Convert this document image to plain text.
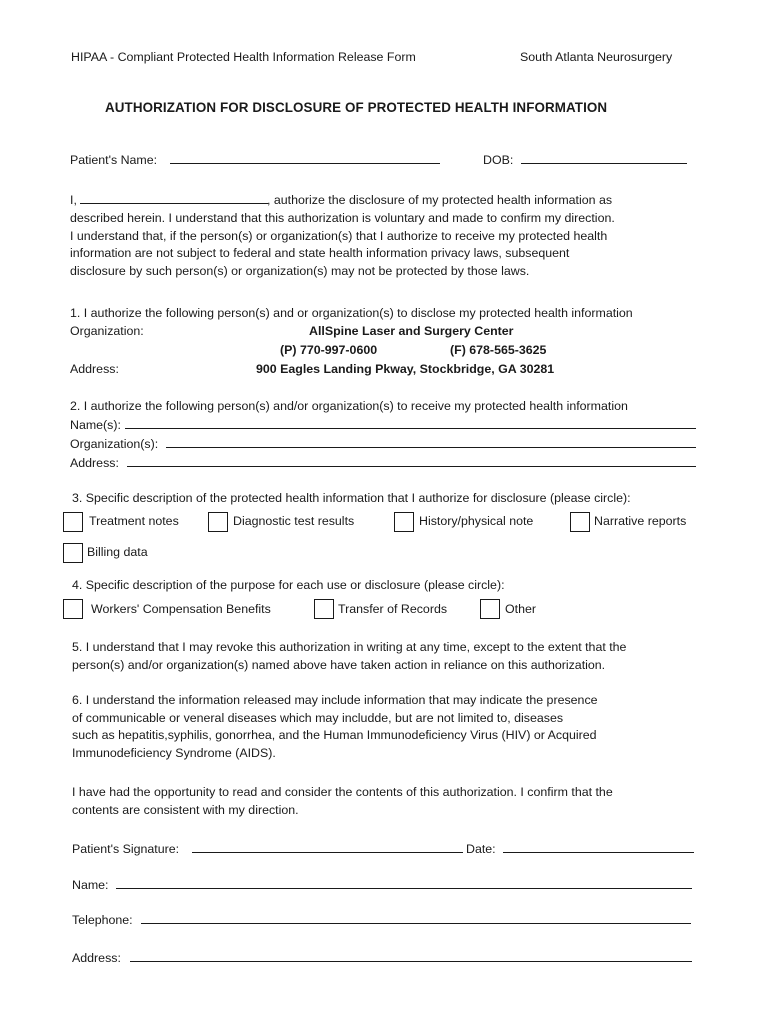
HIPAA - Compliant Protected Health Information Release Form	South Atlanta Neurosurgery
AUTHORIZATION FOR DISCLOSURE OF PROTECTED HEALTH INFORMATION
Patient's Name:	DOB:
I,	, authorize the disclosure of my protected health information as
described herein. I understand that this authorization is voluntary and made to confirm my direction.
I understand that, if the person(s) or organization(s) that I authorize to receive my protected health
information are not subject to federal and state health information privacy laws, subsequent
disclosure by such person(s) or organization(s) may not be protected by those laws.
1. I authorize the following person(s) and or organization(s) to disclose my protected health information
Organization:	AllSpine Laser and Surgery Center
(P) 770-997-0600	(F) 678-565-3625
Address:	900 Eagles Landing Pkway, Stockbridge, GA 30281
2. I authorize the following person(s) and/or organization(s) to receive my protected health information
Name(s):
Organization(s):
Address:
3. Specific description of the protected health information that I authorize for disclosure (please circle):
Treatment notes	Diagnostic test results	History/physical note	Narrative reports
Billing data
4. Specific description of the purpose for each use or disclosure (please circle):
Workers' Compensation Benefits	Transfer of Records	Other
5. I understand that I may revoke this authorization in writing at any time, except to the extent that the
person(s) and/or organization(s) named above have taken action in reliance on this authorization.
6. I understand the information released may include information that may indicate the presence
of communicable or veneral diseases which may includde, but are not limited to, diseases
such as hepatitis,syphilis, gonorrhea, and the Human Immunodeficiency Virus (HIV) or Acquired
Immunodeficiency Syndrome (AIDS).
I have had the opportunity to read and consider the contents of this authorization. I confirm that the
contents are consistent with my direction.
Patient's Signature:	Date:
Name:
Telephone:
Address:
